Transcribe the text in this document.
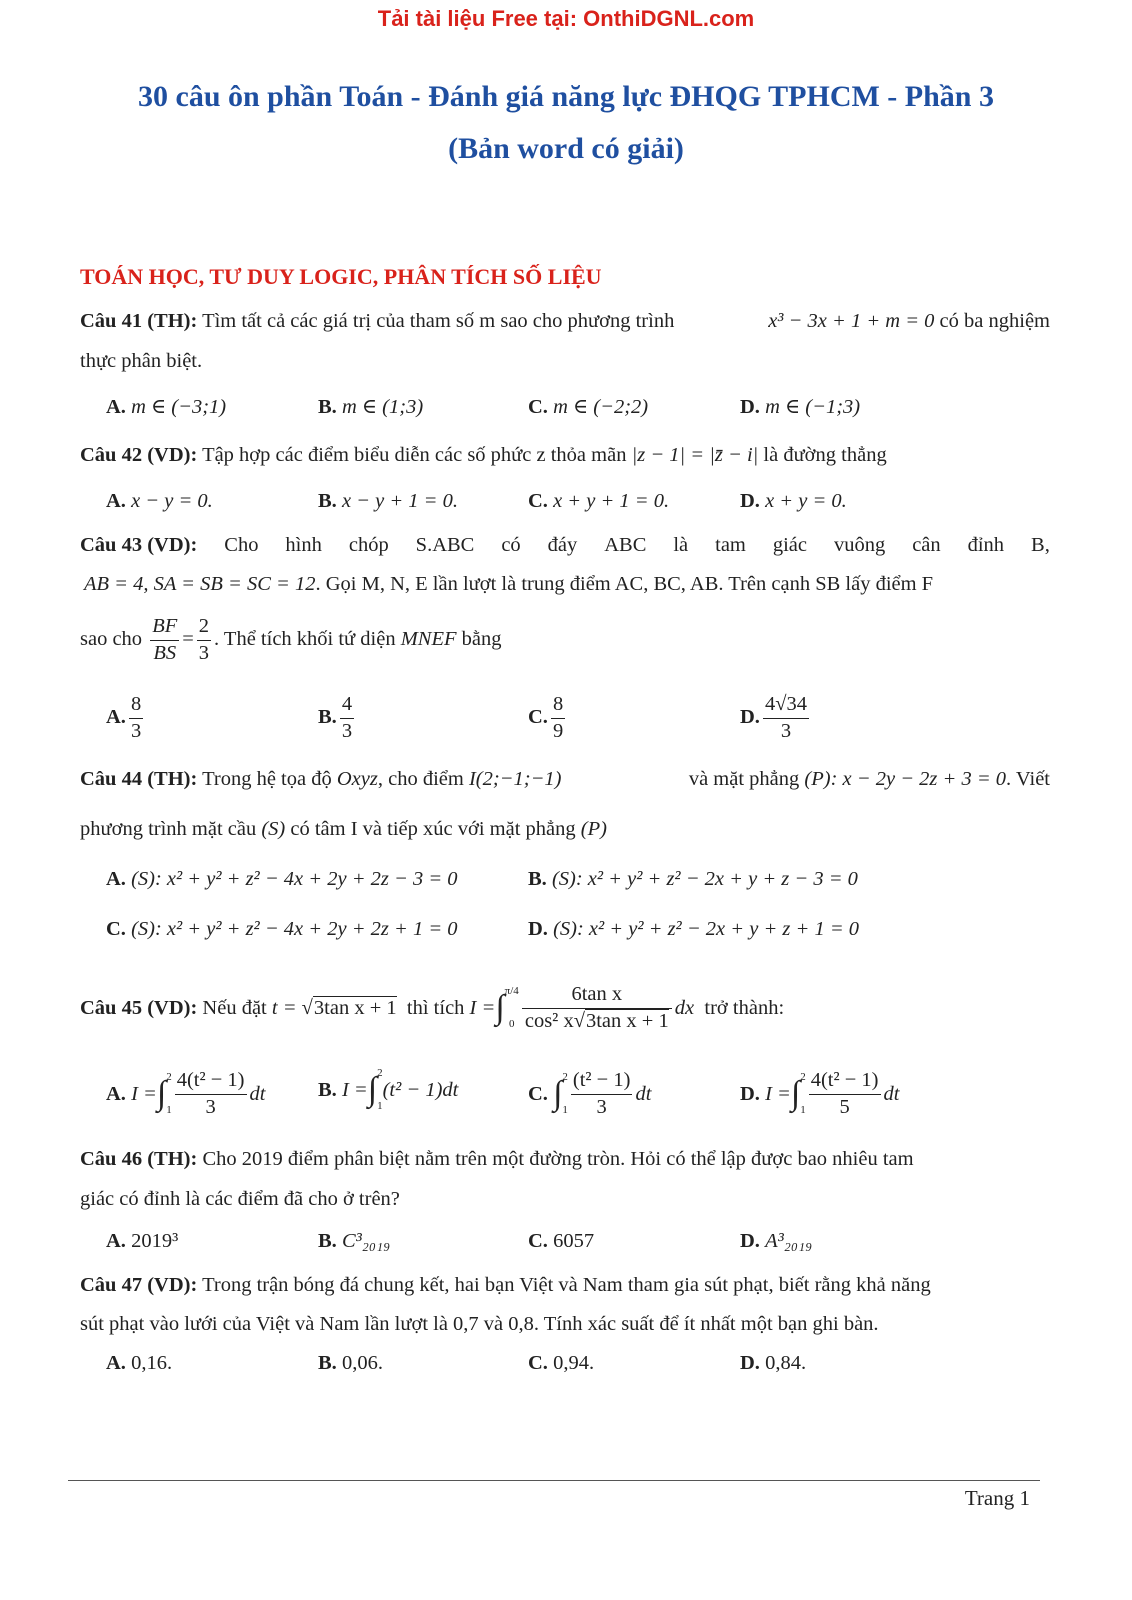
Tải tài liệu Free tại: OnthiDGNL.com
30 câu ôn phần Toán - Đánh giá năng lực ĐHQG TPHCM - Phần 3
(Bản word có giải)
TOÁN HỌC, TƯ DUY LOGIC, PHÂN TÍCH SỐ LIỆU
Câu 41 (TH): Tìm tất cả các giá trị của tham số m sao cho phương trình	x³ − 3x + 1 + m = 0 có ba nghiệm
thực phân biệt.
A. m ∈ (−3;1)	B. m ∈ (1;3)	C. m ∈ (−2;2)	D. m ∈ (−1;3)
Câu 42 (VD): Tập hợp các điểm biểu diễn các số phức z thỏa mãn |z − 1| = |z̄ − i| là đường thẳng
A. x − y = 0.	B. x − y + 1 = 0.	C. x + y + 1 = 0.	D. x + y = 0.
Câu 43 (VD): Cho hình chóp S.ABC có đáy ABC là tam giác vuông cân đỉnh B,
AB = 4, SA = SB = SC = 12. Gọi M, N, E lần lượt là trung điểm AC, BC, AB. Trên cạnh SB lấy điểm F
sao cho $\frac{BF}{BS} = \frac{2}{3}$ . Thể tích khối tứ diện MNEF bằng
A. $\frac{8}{3}$	B. $\frac{4}{3}$	C. $\frac{8}{9}$	D. $\frac{4√34}{3}$
Câu 44 (TH): Trong hệ tọa độ Oxyz, cho điểm I(2;−1;−1)	và mặt phẳng (P): x − 2y − 2z + 3 = 0. Viết
phương trình mặt cầu (S) có tâm I và tiếp xúc với mặt phẳng (P)
A. (S): x² + y² + z² − 4x + 2y + 2z − 3 = 0	B. (S): x² + y² + z² − 2x + y + z − 3 = 0
C. (S): x² + y² + z² − 4x + 2y + 2z + 1 = 0	D. (S): x² + y² + z² − 2x + y + z + 1 = 0
Câu 45 (VD):
Nếu đặt
t = √ 3tan x + 1
thì tích
I = ∫ π/4
$0 \frac{\text{6tan x}}{\text{cos² x√3tan x + 1}}$ dx
trở thành:
A.
I = ∫ 2
$1 \frac{\text{4(t² − 1)}}{3}$ dt	B.
I = ∫ 2
1
(t² − 1)dt	C.
∫ 2
$1 \frac{\text{(t² − 1)}}{3}$ dt	D.
I = ∫ 2
$1 \frac{\text{4(t² − 1)}}{5}$ dt
Câu 46 (TH): Cho 2019 điểm phân biệt nằm trên một đường tròn. Hỏi có thể lập được bao nhiêu tam
giác có đỉnh là các điểm đã cho ở trên?
A. 2019³	B. C³₂₀₁₉	C. 6057	D. A³₂₀₁₉
Câu 47 (VD): Trong trận bóng đá chung kết, hai bạn Việt và Nam tham gia sút phạt, biết rằng khả năng
sút phạt vào lưới của Việt và Nam lần lượt là 0,7 và 0,8. Tính xác suất để ít nhất một bạn ghi bàn.
A. 0,16.	B. 0,06.	C. 0,94.	D. 0,84.
Trang 1
